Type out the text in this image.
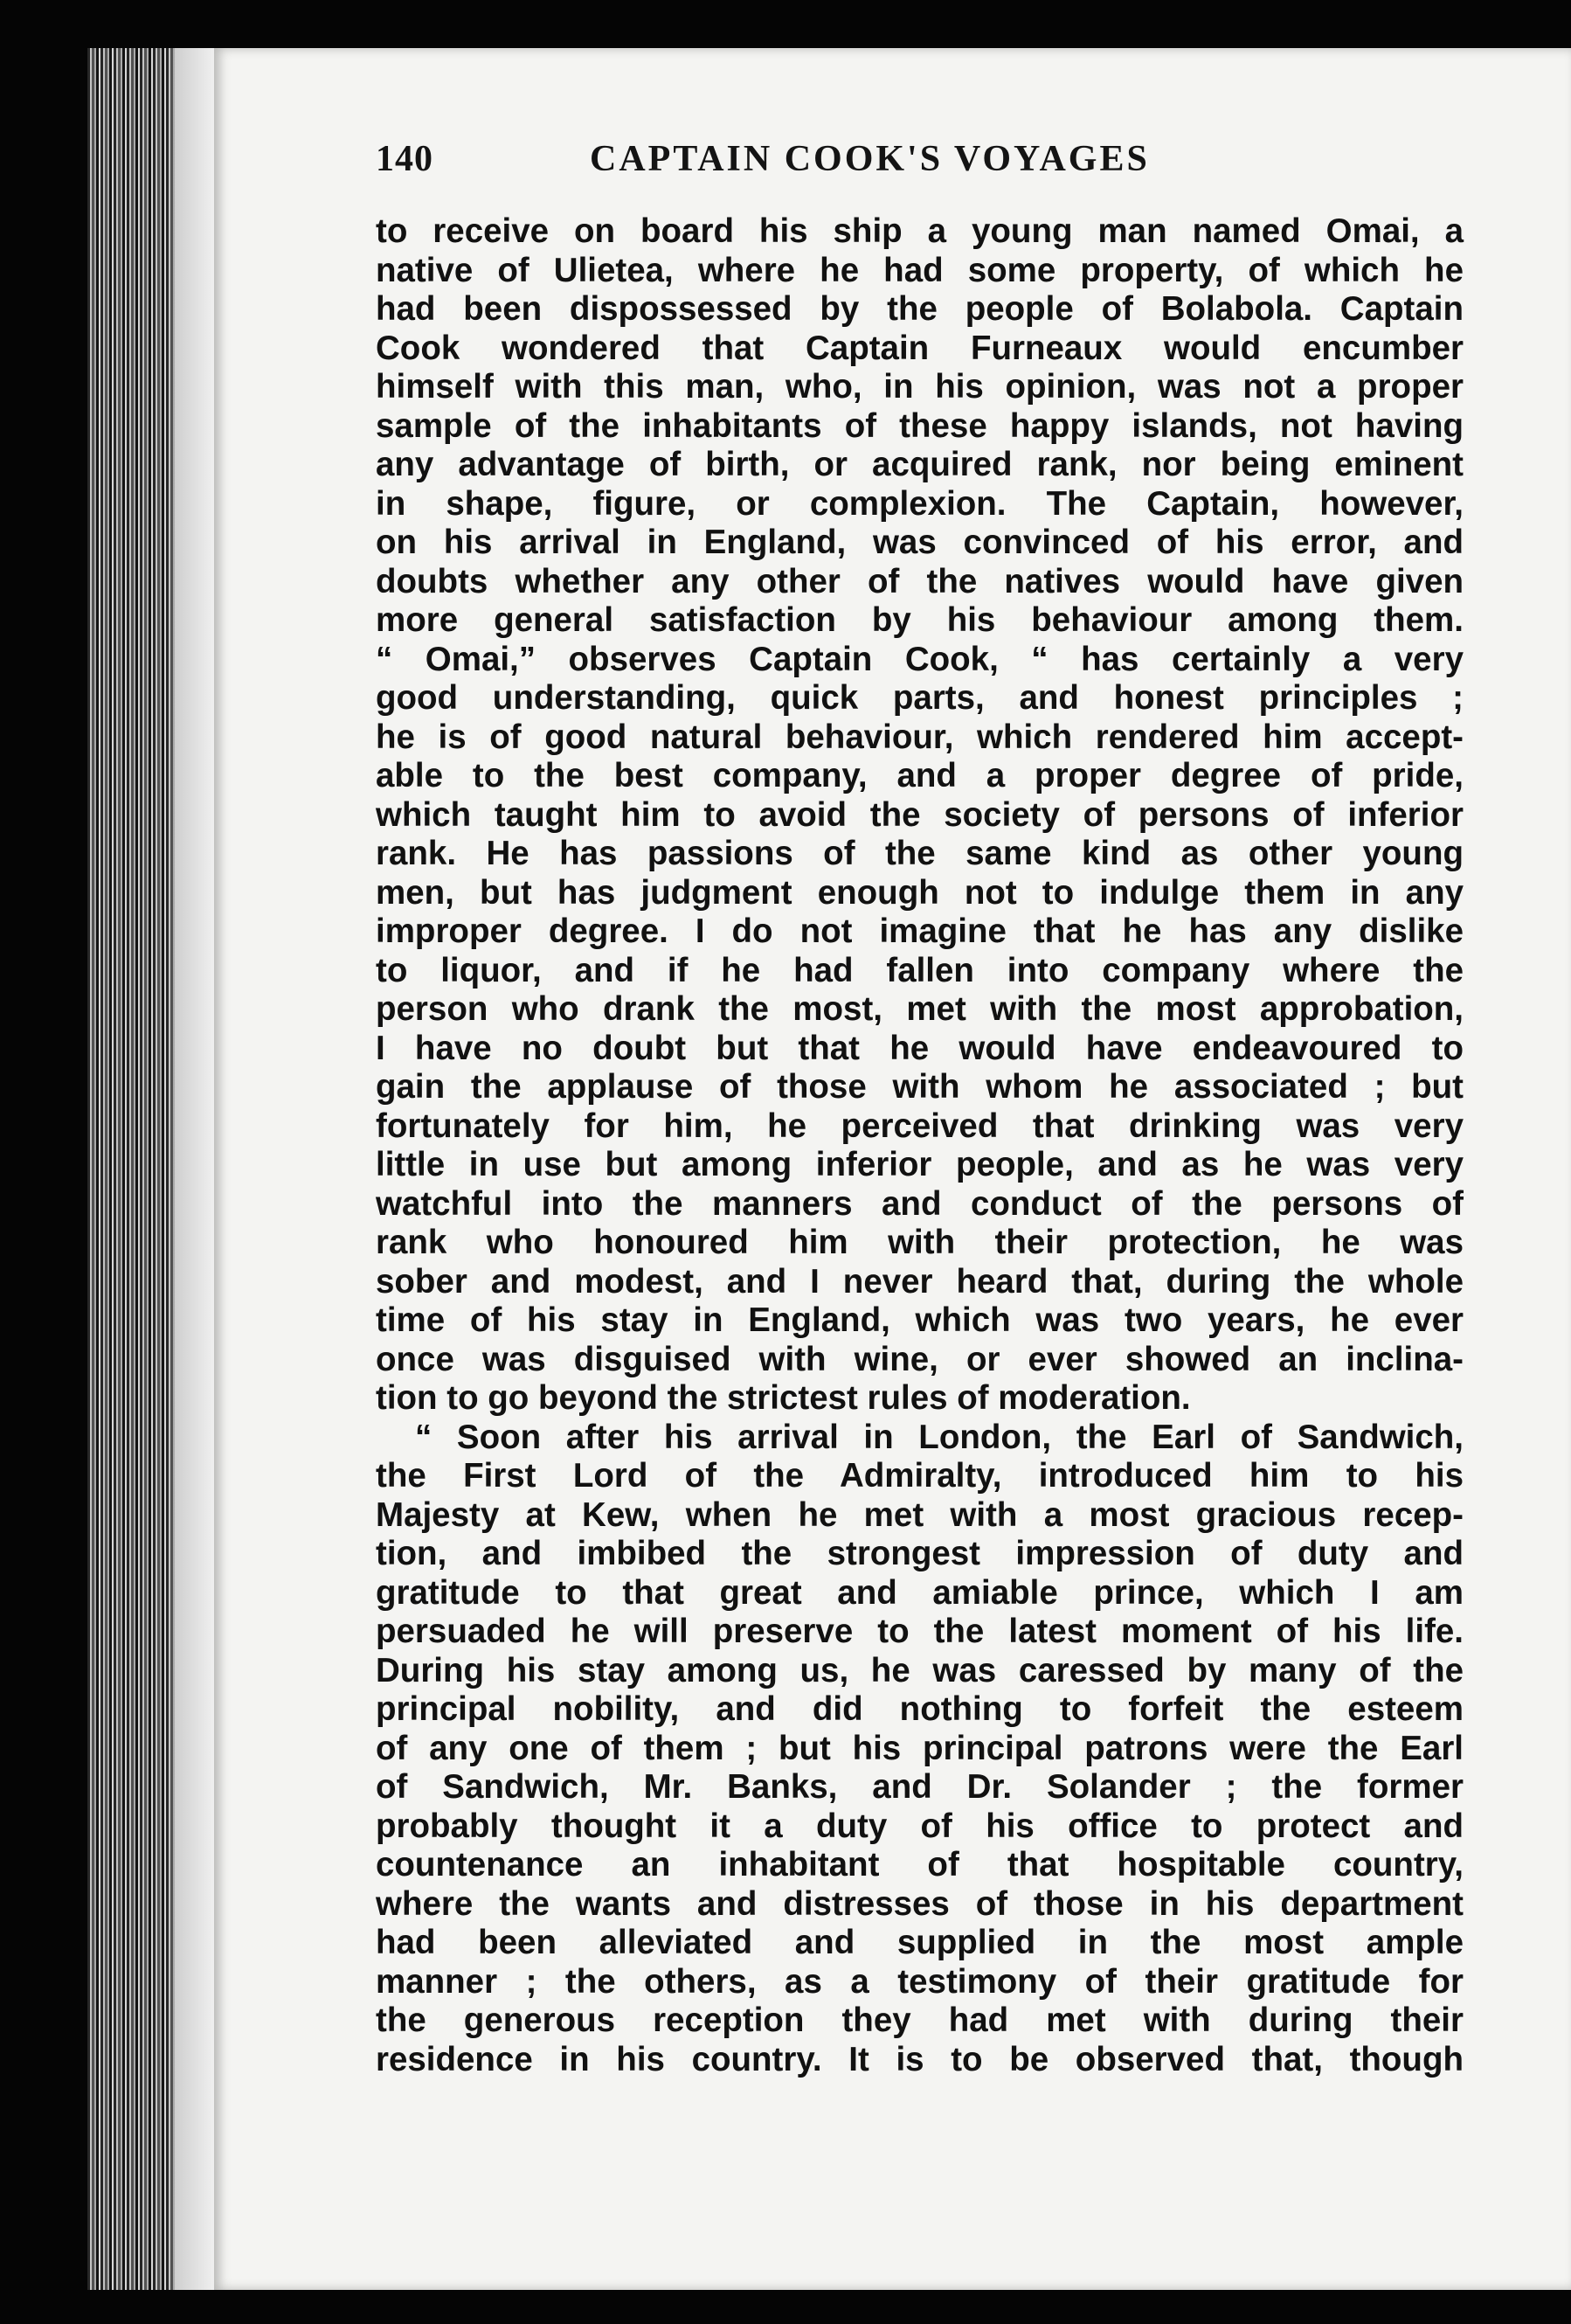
140	CAPTAIN COOK'S VOYAGES
to receive on board his ship a young man named Omai, a
native of Ulietea, where he had some property, of which he
had been dispossessed by the people of Bolabola. Captain
Cook wondered that Captain Furneaux would encumber
himself with this man, who, in his opinion, was not a proper
sample of the inhabitants of these happy islands, not having
any advantage of birth, or acquired rank, nor being eminent
in shape, figure, or complexion. The Captain, however,
on his arrival in England, was convinced of his error, and
doubts whether any other of the natives would have given
more general satisfaction by his behaviour among them.
“ Omai,” observes Captain Cook, “ has certainly a very
good understanding, quick parts, and honest principles ;
he is of good natural behaviour, which rendered him accept-
able to the best company, and a proper degree of pride,
which taught him to avoid the society of persons of inferior
rank. He has passions of the same kind as other young
men, but has judgment enough not to indulge them in any
improper degree. I do not imagine that he has any dislike
to liquor, and if he had fallen into company where the
person who drank the most, met with the most approbation,
I have no doubt but that he would have endeavoured to
gain the applause of those with whom he associated ; but
fortunately for him, he perceived that drinking was very
little in use but among inferior people, and as he was very
watchful into the manners and conduct of the persons of
rank who honoured him with their protection, he was
sober and modest, and I never heard that, during the whole
time of his stay in England, which was two years, he ever
once was disguised with wine, or ever showed an inclina-
tion to go beyond the strictest rules of moderation.
“ Soon after his arrival in London, the Earl of Sandwich,
the First Lord of the Admiralty, introduced him to his
Majesty at Kew, when he met with a most gracious recep-
tion, and imbibed the strongest impression of duty and
gratitude to that great and amiable prince, which I am
persuaded he will preserve to the latest moment of his life.
During his stay among us, he was caressed by many of the
principal nobility, and did nothing to forfeit the esteem
of any one of them ; but his principal patrons were the Earl
of Sandwich, Mr. Banks, and Dr. Solander ; the former
probably thought it a duty of his office to protect and
countenance an inhabitant of that hospitable country,
where the wants and distresses of those in his department
had been alleviated and supplied in the most ample
manner ; the others, as a testimony of their gratitude for
the generous reception they had met with during their
residence in his country. It is to be observed that, though
